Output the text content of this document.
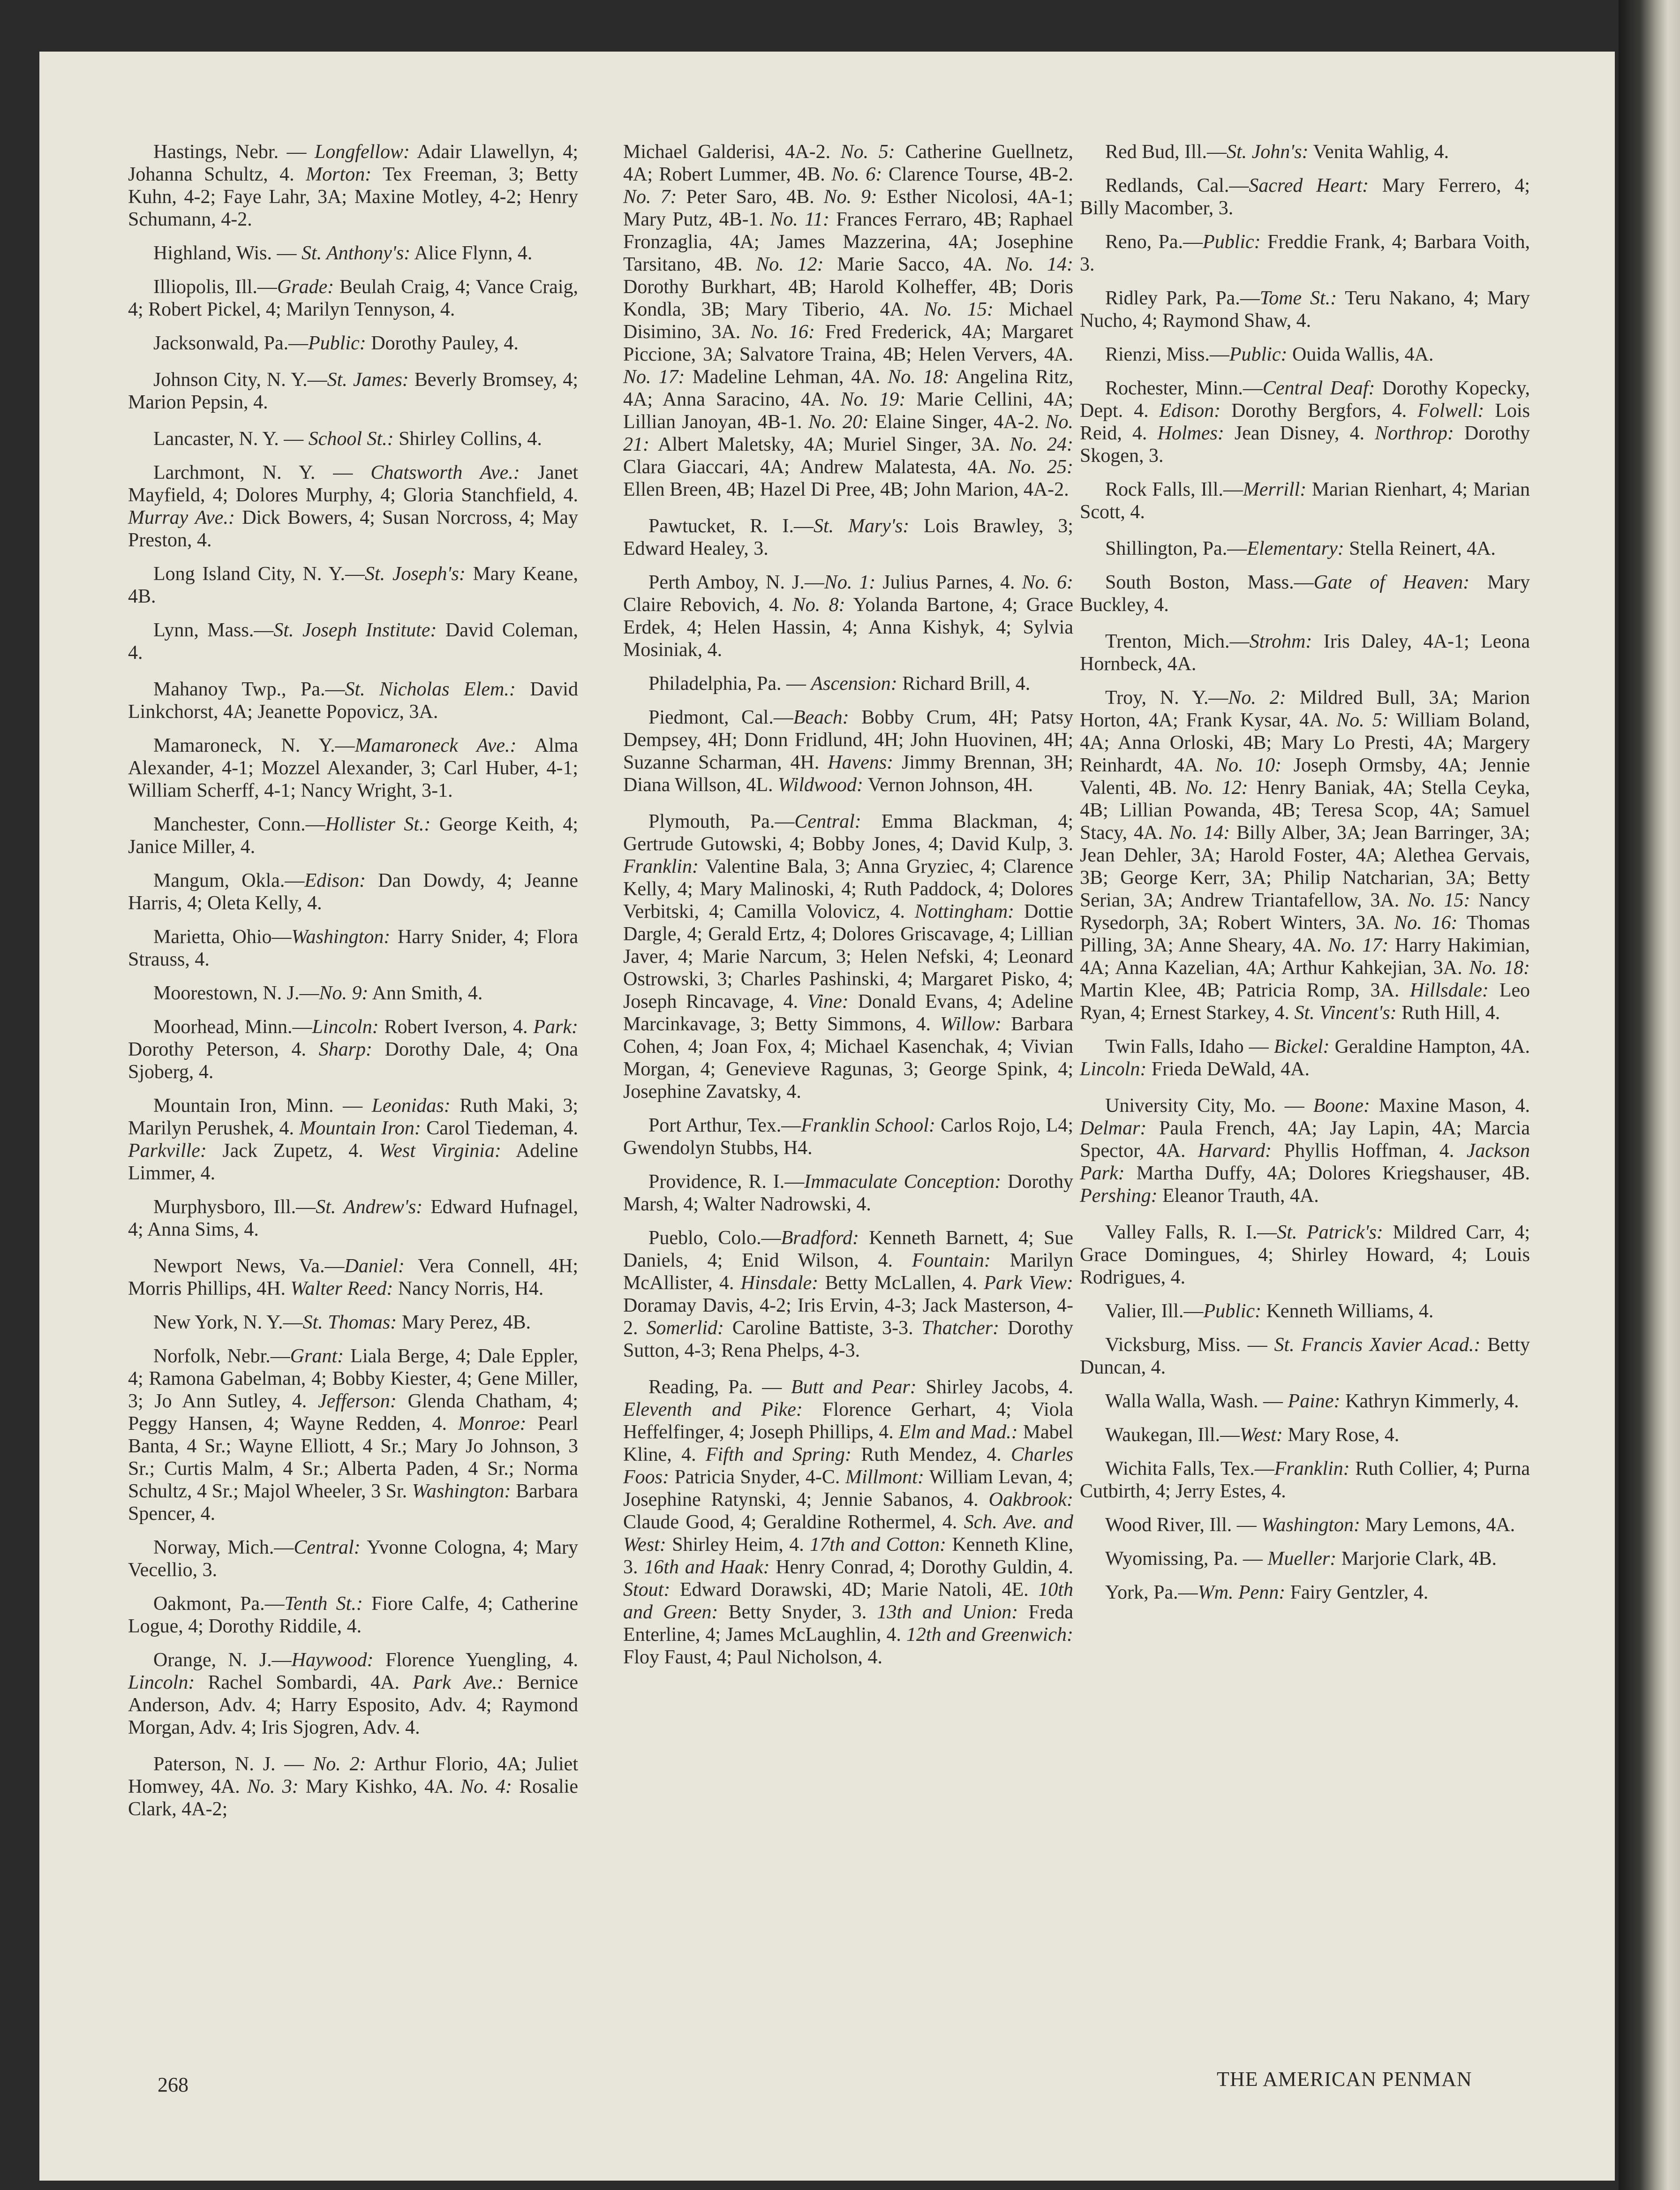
Hastings, Nebr. — Longfellow: Adair Llawellyn, 4; Johanna Schultz, 4. Morton: Tex Freeman, 3; Betty Kuhn, 4-2; Faye Lahr, 3A; Maxine Motley, 4-2; Henry Schumann, 4-2.

Highland, Wis. — St. Anthony's: Alice Flynn, 4.

Illiopolis, Ill.—Grade: Beulah Craig, 4; Vance Craig, 4; Robert Pickel, 4; Marilyn Tennyson, 4.

Jacksonwald, Pa.—Public: Dorothy Pauley, 4.

Johnson City, N. Y.—St. James: Beverly Bromsey, 4; Marion Pepsin, 4.

Lancaster, N. Y. — School St.: Shirley Collins, 4.

Larchmont, N. Y. — Chatsworth Ave.: Janet Mayfield, 4; Dolores Murphy, 4; Gloria Stanchfield, 4. Murray Ave.: Dick Bowers, 4; Susan Norcross, 4; May Preston, 4.

Long Island City, N. Y.—St. Joseph's: Mary Keane, 4B.

Lynn, Mass.—St. Joseph Institute: David Coleman, 4.

Mahanoy Twp., Pa.—St. Nicholas Elem.: David Linkchorst, 4A; Jeanette Popovicz, 3A.

Mamaroneck, N. Y.—Mamaroneck Ave.: Alma Alexander, 4-1; Mozzel Alexander, 3; Carl Huber, 4-1; William Scherff, 4-1; Nancy Wright, 3-1.

Manchester, Conn.—Hollister St.: George Keith, 4; Janice Miller, 4.

Mangum, Okla.—Edison: Dan Dowdy, 4; Jeanne Harris, 4; Oleta Kelly, 4.

Marietta, Ohio—Washington: Harry Snider, 4; Flora Strauss, 4.

Moorestown, N. J.—No. 9: Ann Smith, 4.

Moorhead, Minn.—Lincoln: Robert Iverson, 4. Park: Dorothy Peterson, 4. Sharp: Dorothy Dale, 4; Ona Sjoberg, 4.

Mountain Iron, Minn. — Leonidas: Ruth Maki, 3; Marilyn Perushek, 4. Mountain Iron: Carol Tiedeman, 4. Parkville: Jack Zupetz, 4. West Virginia: Adeline Limmer, 4.

Murphysboro, Ill.—St. Andrew's: Edward Hufnagel, 4; Anna Sims, 4.

Newport News, Va.—Daniel: Vera Connell, 4H; Morris Phillips, 4H. Walter Reed: Nancy Norris, H4.

New York, N. Y.—St. Thomas: Mary Perez, 4B.

Norfolk, Nebr.—Grant: Liala Berge, 4; Dale Eppler, 4; Ramona Gabelman, 4; Bobby Kiester, 4; Gene Miller, 3; Jo Ann Sutley, 4. Jefferson: Glenda Chatham, 4; Peggy Hansen, 4; Wayne Redden, 4. Monroe: Pearl Banta, 4 Sr.; Wayne Elliott, 4 Sr.; Mary Jo Johnson, 3 Sr.; Curtis Malm, 4 Sr.; Alberta Paden, 4 Sr.; Norma Schultz, 4 Sr.; Majol Wheeler, 3 Sr. Washington: Barbara Spencer, 4.

Norway, Mich.—Central: Yvonne Cologna, 4; Mary Vecellio, 3.

Oakmont, Pa.—Tenth St.: Fiore Calfe, 4; Catherine Logue, 4; Dorothy Riddile, 4.

Orange, N. J.—Haywood: Florence Yuengling, 4. Lincoln: Rachel Sombardi, 4A. Park Ave.: Bernice Anderson, Adv. 4; Harry Esposito, Adv. 4; Raymond Morgan, Adv. 4; Iris Sjogren, Adv. 4.

Paterson, N. J. — No. 2: Arthur Florio, 4A; Juliet Homwey, 4A. No. 3: Mary Kishko, 4A. No. 4: Rosalie Clark, 4A-2;

Michael Galderisi, 4A-2. No. 5: Catherine Guellnetz, 4A; Robert Lummer, 4B. No. 6: Clarence Tourse, 4B-2. No. 7: Peter Saro, 4B. No. 9: Esther Nicolosi, 4A-1; Mary Putz, 4B-1. No. 11: Frances Ferraro, 4B; Raphael Fronzaglia, 4A; James Mazzerina, 4A; Josephine Tarsitano, 4B. No. 12: Marie Sacco, 4A. No. 14: Dorothy Burkhart, 4B; Harold Kolheffer, 4B; Doris Kondla, 3B; Mary Tiberio, 4A. No. 15: Michael Disimino, 3A. No. 16: Fred Frederick, 4A; Margaret Piccione, 3A; Salvatore Traina, 4B; Helen Ververs, 4A. No. 17: Madeline Lehman, 4A. No. 18: Angelina Ritz, 4A; Anna Saracino, 4A. No. 19: Marie Cellini, 4A; Lillian Janoyan, 4B-1. No. 20: Elaine Singer, 4A-2. No. 21: Albert Maletsky, 4A; Muriel Singer, 3A. No. 24: Clara Giaccari, 4A; Andrew Malatesta, 4A. No. 25: Ellen Breen, 4B; Hazel Di Pree, 4B; John Marion, 4A-2.

Pawtucket, R. I.—St. Mary's: Lois Brawley, 3; Edward Healey, 3.

Perth Amboy, N. J.—No. 1: Julius Parnes, 4. No. 6: Claire Rebovich, 4. No. 8: Yolanda Bartone, 4; Grace Erdek, 4; Helen Hassin, 4; Anna Kishyk, 4; Sylvia Mosiniak, 4.

Philadelphia, Pa. — Ascension: Richard Brill, 4.

Piedmont, Cal.—Beach: Bobby Crum, 4H; Patsy Dempsey, 4H; Donn Fridlund, 4H; John Huovinen, 4H; Suzanne Scharman, 4H. Havens: Jimmy Brennan, 3H; Diana Willson, 4L. Wildwood: Vernon Johnson, 4H.

Plymouth, Pa.—Central: Emma Blackman, 4; Gertrude Gutowski, 4; Bobby Jones, 4; David Kulp, 3. Franklin: Valentine Bala, 3; Anna Gryziec, 4; Clarence Kelly, 4; Mary Malinoski, 4; Ruth Paddock, 4; Dolores Verbitski, 4; Camilla Volovicz, 4. Nottingham: Dottie Dargle, 4; Gerald Ertz, 4; Dolores Griscavage, 4; Lillian Javer, 4; Marie Narcum, 3; Helen Nefski, 4; Leonard Ostrowski, 3; Charles Pashinski, 4; Margaret Pisko, 4; Joseph Rincavage, 4. Vine: Donald Evans, 4; Adeline Marcinkavage, 3; Betty Simmons, 4. Willow: Barbara Cohen, 4; Joan Fox, 4; Michael Kasenchak, 4; Vivian Morgan, 4; Genevieve Ragunas, 3; George Spink, 4; Josephine Zavatsky, 4.

Port Arthur, Tex.—Franklin School: Carlos Rojo, L4; Gwendolyn Stubbs, H4.

Providence, R. I.—Immaculate Conception: Dorothy Marsh, 4; Walter Nadrowski, 4.

Pueblo, Colo.—Bradford: Kenneth Barnett, 4; Sue Daniels, 4; Enid Wilson, 4. Fountain: Marilyn McAllister, 4. Hinsdale: Betty McLallen, 4. Park View: Doramay Davis, 4-2; Iris Ervin, 4-3; Jack Masterson, 4-2. Somerlid: Caroline Battiste, 3-3. Thatcher: Dorothy Sutton, 4-3; Rena Phelps, 4-3.

Reading, Pa. — Butt and Pear: Shirley Jacobs, 4. Eleventh and Pike: Florence Gerhart, 4; Viola Heffelfinger, 4; Joseph Phillips, 4. Elm and Mad.: Mabel Kline, 4. Fifth and Spring: Ruth Mendez, 4. Charles Foos: Patricia Snyder, 4-C. Millmont: William Levan, 4; Josephine Ratynski, 4; Jennie Sabanos, 4. Oakbrook: Claude Good, 4; Geraldine Rothermel, 4. Sch. Ave. and West: Shirley Heim, 4. 17th and Cotton: Kenneth Kline, 3. 16th and Haak: Henry Conrad, 4; Dorothy Guldin, 4. Stout: Edward Dorawski, 4D; Marie Natoli, 4E. 10th and Green: Betty Snyder, 3. 13th and Union: Freda Enterline, 4; James McLaughlin, 4. 12th and Greenwich: Floy Faust, 4; Paul Nicholson, 4.

Red Bud, Ill.—St. John's: Venita Wahlig, 4.

Redlands, Cal.—Sacred Heart: Mary Ferrero, 4; Billy Macomber, 3.

Reno, Pa.—Public: Freddie Frank, 4; Barbara Voith, 3.

Ridley Park, Pa.—Tome St.: Teru Nakano, 4; Mary Nucho, 4; Raymond Shaw, 4.

Rienzi, Miss.—Public: Ouida Wallis, 4A.

Rochester, Minn.—Central Deaf: Dorothy Kopecky, Dept. 4. Edison: Dorothy Bergfors, 4. Folwell: Lois Reid, 4. Holmes: Jean Disney, 4. Northrop: Dorothy Skogen, 3.

Rock Falls, Ill.—Merrill: Marian Rienhart, 4; Marian Scott, 4.

Shillington, Pa.—Elementary: Stella Reinert, 4A.

South Boston, Mass.—Gate of Heaven: Mary Buckley, 4.

Trenton, Mich.—Strohm: Iris Daley, 4A-1; Leona Hornbeck, 4A.

Troy, N. Y.—No. 2: Mildred Bull, 3A; Marion Horton, 4A; Frank Kysar, 4A. No. 5: William Boland, 4A; Anna Orloski, 4B; Mary Lo Presti, 4A; Margery Reinhardt, 4A. No. 10: Joseph Ormsby, 4A; Jennie Valenti, 4B. No. 12: Henry Baniak, 4A; Stella Ceyka, 4B; Lillian Powanda, 4B; Teresa Scop, 4A; Samuel Stacy, 4A. No. 14: Billy Alber, 3A; Jean Barringer, 3A; Jean Dehler, 3A; Harold Foster, 4A; Alethea Gervais, 3B; George Kerr, 3A; Philip Natcharian, 3A; Betty Serian, 3A; Andrew Triantafellow, 3A. No. 15: Nancy Rysedorph, 3A; Robert Winters, 3A. No. 16: Thomas Pilling, 3A; Anne Sheary, 4A. No. 17: Harry Hakimian, 4A; Anna Kazelian, 4A; Arthur Kahkejian, 3A. No. 18: Martin Klee, 4B; Patricia Romp, 3A. Hillsdale: Leo Ryan, 4; Ernest Starkey, 4. St. Vincent's: Ruth Hill, 4.

Twin Falls, Idaho — Bickel: Geraldine Hampton, 4A. Lincoln: Frieda DeWald, 4A.

University City, Mo. — Boone: Maxine Mason, 4. Delmar: Paula French, 4A; Jay Lapin, 4A; Marcia Spector, 4A. Harvard: Phyllis Hoffman, 4. Jackson Park: Martha Duffy, 4A; Dolores Kriegshauser, 4B. Pershing: Eleanor Trauth, 4A.

Valley Falls, R. I.—St. Patrick's: Mildred Carr, 4; Grace Domingues, 4; Shirley Howard, 4; Louis Rodrigues, 4.

Valier, Ill.—Public: Kenneth Williams, 4.

Vicksburg, Miss. — St. Francis Xavier Acad.: Betty Duncan, 4.

Walla Walla, Wash. — Paine: Kathryn Kimmerly, 4.

Waukegan, Ill.—West: Mary Rose, 4.

Wichita Falls, Tex.—Franklin: Ruth Collier, 4; Purna Cutbirth, 4; Jerry Estes, 4.

Wood River, Ill. — Washington: Mary Lemons, 4A.

Wyomissing, Pa. — Mueller: Marjorie Clark, 4B.

York, Pa.—Wm. Penn: Fairy Gentzler, 4.

268	THE AMERICAN PENMAN
